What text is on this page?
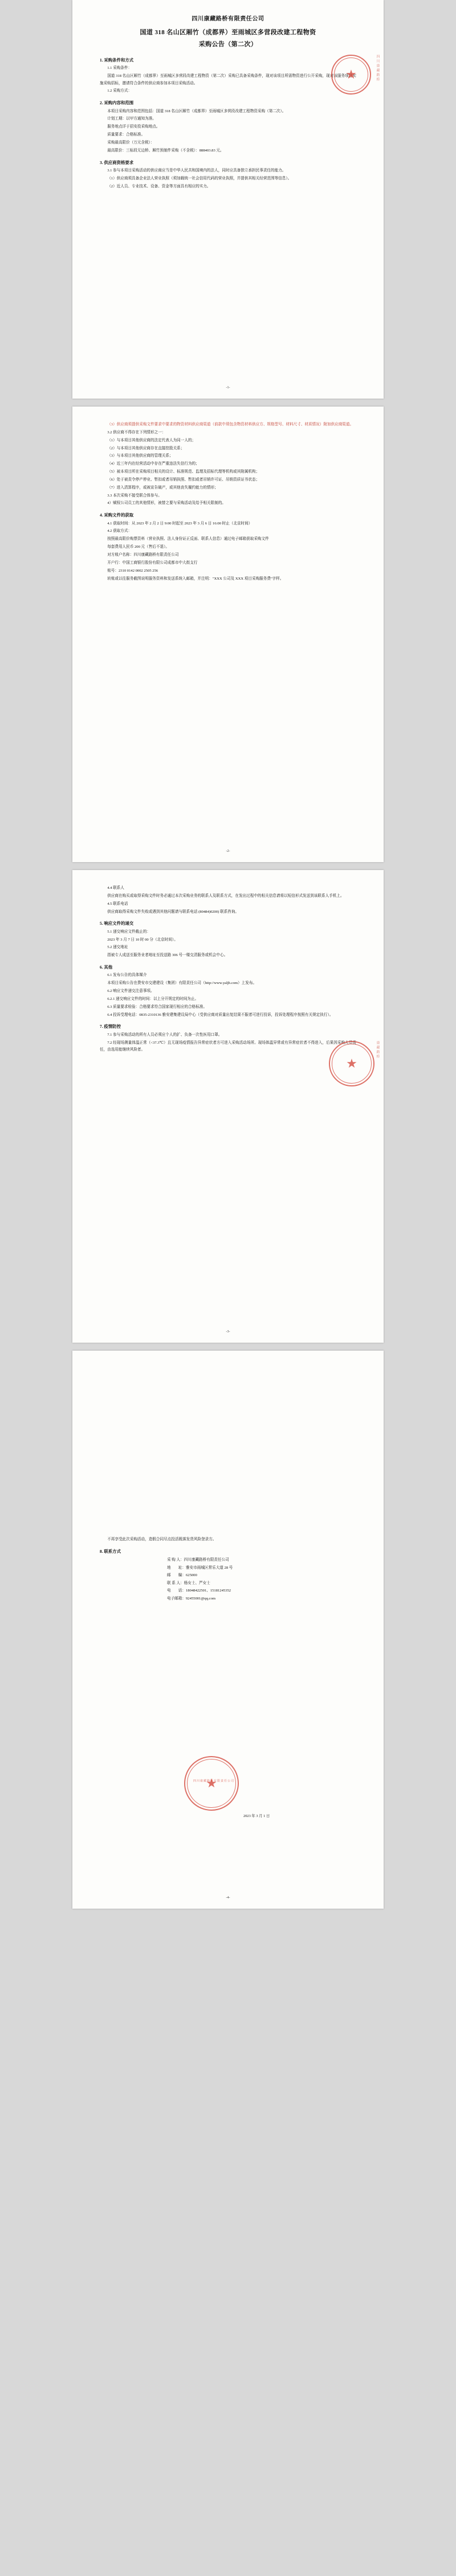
四川康藏路桥有限责任公司
国道 318 名山区厢竹（成都界）至雨城区多营段改建工程物资
采购公告（第二次）
1. 采购条件和方式

1.1 采购条件：

国道 318 名山区厢竹（成都界）至雨城区多营段改建工程物资（第二次）采购已具备采购条件，现对该项目所需物资进行公开采购，现对该服务项目实施采购招标，邀请符合条件的供应商参加本项目采购活动。

1.2 采购方式：

2. 采购内容和范围

本项目采购内容和范围包括：国道 318 名山区厢竹（成都界）至雨城区多营段改建工程物资采购（第二次）。

计划工期：以甲方通知为准。

服务地点详于招安投采购地点。

质量要求：合格标准。

采购最高限价（万元含税）：

最高限价：三标段无边桥、厢竹预制件采购（不含税）：888403.83 元。

3. 供应商资格要求

3.1 参与本项目采购活动的供应商应当是中华人民共和国境内的法人，同时应具备独立承担民事责任的能力。

（1）供应商须具备企业法人营业执照（须加载统一社会信用代码的营业执照，并提供其相关经营范围等信息）。

（2）近人员、专业技术、设备、资金等方面具有相应的实力。

★	四川康藏路桥
-1-

（3）供应商须提供采购文件要求中要求的物资材料供应商渠道（前款中须包含物资材料供应方、规格型号、材料尺寸、材质情况）附加供应商渠道。

3.2 供应商不得存在下列情形之一：

（1）与本项目其他供应商的法定代表人为同一人的；

（2）与本项目其他供应商存在直接控股关系；

（3）与本项目其他供应商的管理关系；

（4）近三年内在经营活动中存在严重违法失信行为的；

（5）被本项目所在采购项目相关的设计、标准规范、监理及招标代理等机构或其附属机构；

（6）处于被责令停产停业、暂扣或者吊销执照、暂扣或者吊销许可证、吊销资质证书状态；

（7）进入清算程序，或被宣告破产，或其他丧失履约能力的情形；

3.3 本次采购不接受联合体参与。

4）赋权公司员工的其他情形，被替之要与采购活动及给予相关限制的。

4. 采购文件的获取

4.1 获取时间：从 2023 年 2 月 2 日 9:00 时起至 2023 年 3 月 6 日 16:00 时止（北京时间）

4.2 获取方式：

按照最高限价购票资料（营业执照、法人身份证正反面、联系人信息）通过电子邮箱获取采购文件

每套费用人民币 200 元（售后不退）。

对方账户名称：四川康藏路桥有限责任公司

开户行：中国工商银行股份有限公司成都市中大街支行

账号：2310 0142 0002 2505 256

转账或以往服务截图说明服务资料和发送系统入邮箱，并注明："XXX 公司及 XXX 项目采购服务费"字样。

-2-

4.4 联系人

供应商在购买或取得采购文件时务必通过本次采购业务的联系人及联系方式，在发出过程中的相关信息请将以短信形式发送到该联系人手机上。

4.5 联系电话

供应商取得采购文件失败或遇到其他问题请与联系电话 (80484)0200) 联系咨询。

5. 响应文件的递交

5.1 递交响应文件截止的：

2023 年 3 月 7 日 10 时 00 分（北京时间）。

5.2 递交地址

指被专人成送至服务业者地址至投送路 306 号一楼交清服务或机会中心。

6. 其他

6.1 发布公告的具体媒介

本项目采购公告在费安市交建建设（集团）有限责任公司（http://www.yaljh.com）上发布。

6.2 响应文件递交注意事项。

6.2.1 递交响应文件的时间：以上分开规定的时间为止。

6.3 质量要求检验：合格要求符合国家现行相应的合格标准。

6.4 投诉受理电话：0835-2310136 雅安建集建设局中心（受供应商对质量出复结果不服者可进行投诉，投诉处理程序按照有关规定执行）。

7. 疫情防控

7.1 参与采购活动的所有人员必须应个人的扩、负备一次性医用口罩。

7.2 经现场测量体温正常（<37.3℃）且无现场疫情报告异常症状者方可进入采购活动场所。现场体温异常或有异常症状者不得进入，后果因采购人员责任，由选用能继续风险者。

★
康藏路桥
-3-

不再享受此次采购活动，造假合同尽点投活既落发货风险登录方。

8. 联系方式
采 购 人：四川康藏路桥有限责任公司
地　　址：雅安市雨城区常乐大道 28 号
邮　　编：625000
联 系 人：杨女士、严女士
电　　话：18048422501、15181245352
电子邮箱：92455001@qq.com
★
四川康藏路桥有限责任公司
2023 年 3 月 1 日
-4-
